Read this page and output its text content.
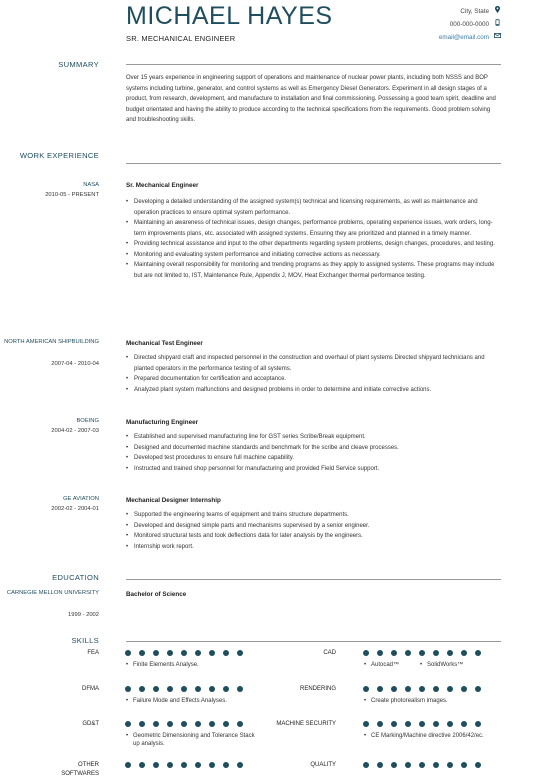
MICHAEL HAYES
SR. MECHANICAL ENGINEER
City, State
000-000-0000
email@email.com
SUMMARY
Over 15 years experience in engineering support of operations and maintenance of nuclear power plants, including both NSSS and BOP systems including turbine, generator, and control systems as well as Emergency Diesel Generators. Experiment in all design stages of a product, from research, development, and manufacture to installation and final commissioning. Possessing a good team spirit, deadline and budget orientated and having the ability to produce according to the technical specifications from the requirements. Good problem solving and troubleshooting skills.
WORK EXPERIENCE
NASA
2010-05 - PRESENT
Sr. Mechanical Engineer
• Developing a detailed understanding of the assigned system(s) technical and licensing requirements, as well as maintenance and operation practices to ensure optimal system performance.
• Maintaining an awareness of technical issues, design changes, performance problems, operating experience issues, work orders, long-term improvements plans, etc. associated with assigned systems. Ensuring they are prioritized and planned in a timely manner.
• Providing technical assistance and input to the other departments regarding system problems, design changes, procedures, and testing.
• Monitoring and evaluating system performance and initiating corrective actions as necessary.
• Maintaining overall responsibility for monitoring and trending programs as they apply to assigned systems. These programs may include but are not limited to, IST, Maintenance Rule, Appendix J, MOV, Heat Exchanger thermal performance testing.
NORTH AMERICAN SHIPBUILDING
2007-04 - 2010-04
Mechanical Test Engineer
• Directed shipyard craft and inspected personnel in the construction and overhaul of plant systems Directed shipyard technicians and planted operators in the performance testing of all systems.
• Prepared documentation for certification and acceptance.
• Analyzed plant system malfunctions and designed problems in order to determine and initiate corrective actions.
BOEING
2004-02 - 2007-03
Manufacturing Engineer
• Established and supervised manufacturing line for GST series Scribe/Break equipment.
• Designed and documented machine standards and benchmark for the scribe and cleave processes.
• Developed test procedures to ensure full machine capability.
• Instructed and trained shop personnel for manufacturing and provided Field Service support.
GE AVIATION
2002-02 - 2004-01
Mechanical Designer Internship
• Supported the engineering teams of equipment and trains structure departments.
• Developed and designed simple parts and mechanisms supervised by a senior engineer.
• Monitored structural tests and took deflections data for later analysis by the engineers.
• Internship work report.
EDUCATION
CARNEGIE MELLON UNIVERSITY
1999 - 2002
Bachelor of Science
SKILLS
FEA
• Finite Elements Analyse.
CAD
• Autocad™
•	SolidWorks™
DFMA
• Failure Mode and Effects Analyses.
RENDERING
• Create photorealism images.
GD&T
• Geometric Dimensioning and Tolerance Stack up analysis.
MACHINE SECURITY
• CE Marking/Machine directive 2006/42/ec.
OTHER SOFTWARES
QUALITY
